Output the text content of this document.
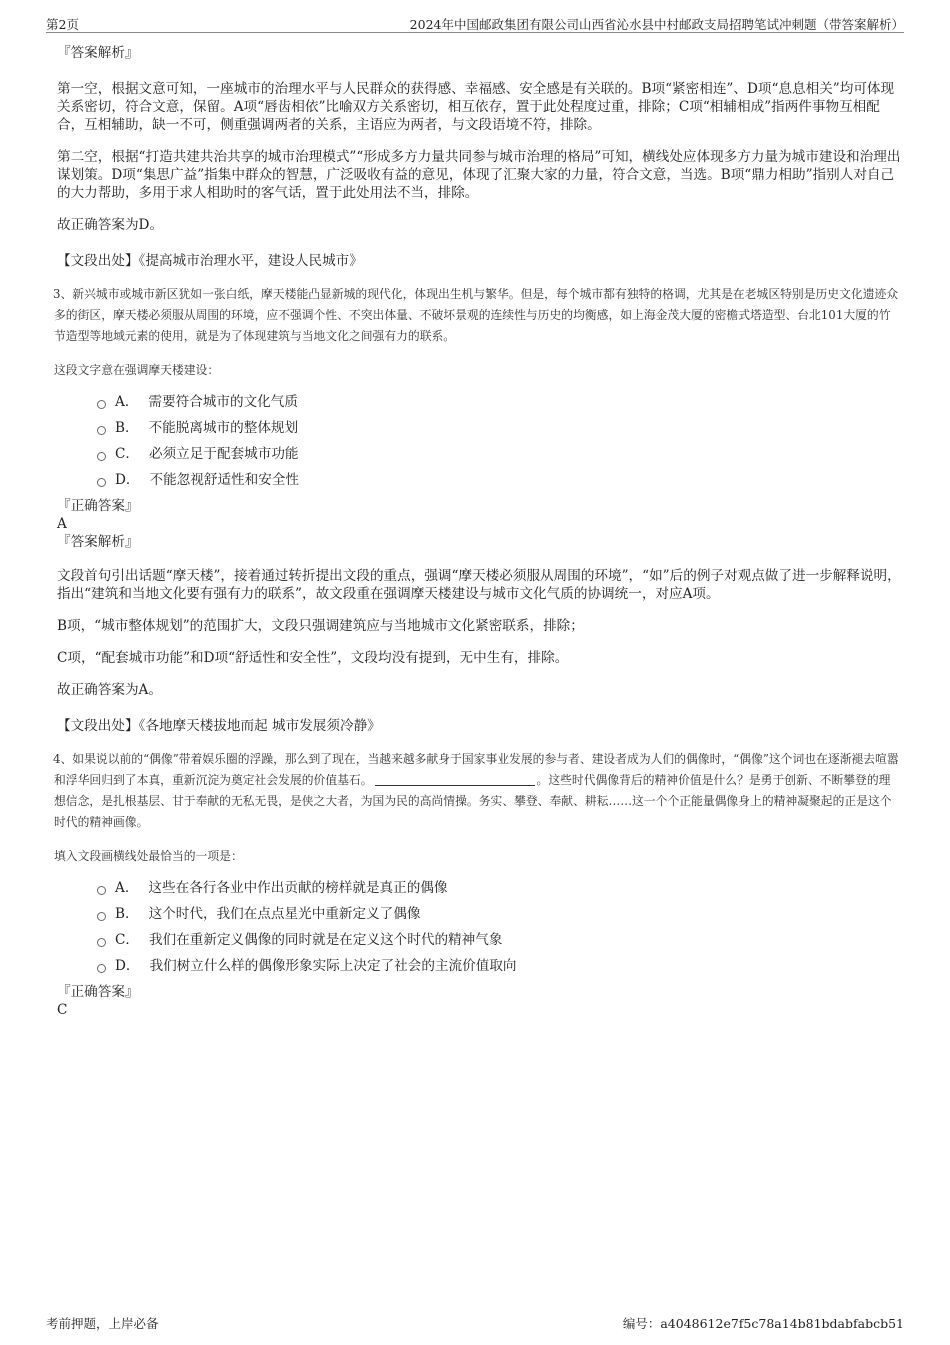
第2页	2024年中国邮政集团有限公司山西省沁水县中村邮政支局招聘笔试冲刺题（带答案解析）

『答案解析』

第一空，根据文意可知，一座城市的治理水平与人民群众的获得感、幸福感、安全感是有关联的。B项“紧密相连”、D项“息息相关”均可体现关系密切，符合文意，保留。A项“唇齿相依”比喻双方关系密切，相互依存，置于此处程度过重，排除；C项“相辅相成”指两件事物互相配合，互相辅助，缺一不可，侧重强调两者的关系，主语应为两者，与文段语境不符，排除。

第二空，根据“打造共建共治共享的城市治理模式”“形成多方力量共同参与城市治理的格局”可知，横线处应体现多方力量为城市建设和治理出谋划策。D项“集思广益”指集中群众的智慧，广泛吸收有益的意见，体现了汇聚大家的力量，符合文意，当选。B项“鼎力相助”指别人对自己的大力帮助，多用于求人相助时的客气话，置于此处用法不当，排除。

故正确答案为D。

【文段出处】《提高城市治理水平，建设人民城市》

3、新兴城市或城市新区犹如一张白纸，摩天楼能凸显新城的现代化，体现出生机与繁华。但是，每个城市都有独特的格调，尤其是在老城区特别是历史文化遗迹众多的街区，摩天楼必须服从周围的环境，应不强调个性、不突出体量、不破坏景观的连续性与历史的均衡感，如上海金茂大厦的密檐式塔造型、台北101大厦的竹节造型等地域元素的使用，就是为了体现建筑与当地文化之间强有力的联系。

这段文字意在强调摩天楼建设：

A． 需要符合城市的文化气质
B． 不能脱离城市的整体规划
C． 必须立足于配套城市功能
D． 不能忽视舒适性和安全性

『正确答案』

A

『答案解析』

文段首句引出话题“摩天楼”，接着通过转折提出文段的重点，强调“摩天楼必须服从周围的环境”，“如”后的例子对观点做了进一步解释说明，指出“建筑和当地文化要有强有力的联系”，故文段重在强调摩天楼建设与城市文化气质的协调统一，对应A项。

B项，“城市整体规划”的范围扩大，文段只强调建筑应与当地城市文化紧密联系，排除；

C项，“配套城市功能”和D项“舒适性和安全性”，文段均没有提到，无中生有，排除。

故正确答案为A。

【文段出处】《各地摩天楼拔地而起 城市发展须冷静》

4、如果说以前的“偶像”带着娱乐圈的浮躁，那么到了现在，当越来越多献身于国家事业发展的参与者、建设者成为人们的偶像时，“偶像”这个词也在逐渐褪去喧嚣和浮华回归到了本真，重新沉淀为奠定社会发展的价值基石。	。这些时代偶像背后的精神价值是什么？是勇于创新、不断攀登的理想信念，是扎根基层、甘于奉献的无私无畏，是侠之大者，为国为民的高尚情操。务实、攀登、奉献、耕耘……这一个个正能量偶像身上的精神凝聚起的正是这个时代的精神画像。

填入文段画横线处最恰当的一项是：

A． 这些在各行各业中作出贡献的榜样就是真正的偶像
B． 这个时代，我们在点点星光中重新定义了偶像
C． 我们在重新定义偶像的同时就是在定义这个时代的精神气象
D． 我们树立什么样的偶像形象实际上决定了社会的主流价值取向

『正确答案』

C

考前押题，上岸必备	编号：a4048612e7f5c78a14b81bdabfabcb51
